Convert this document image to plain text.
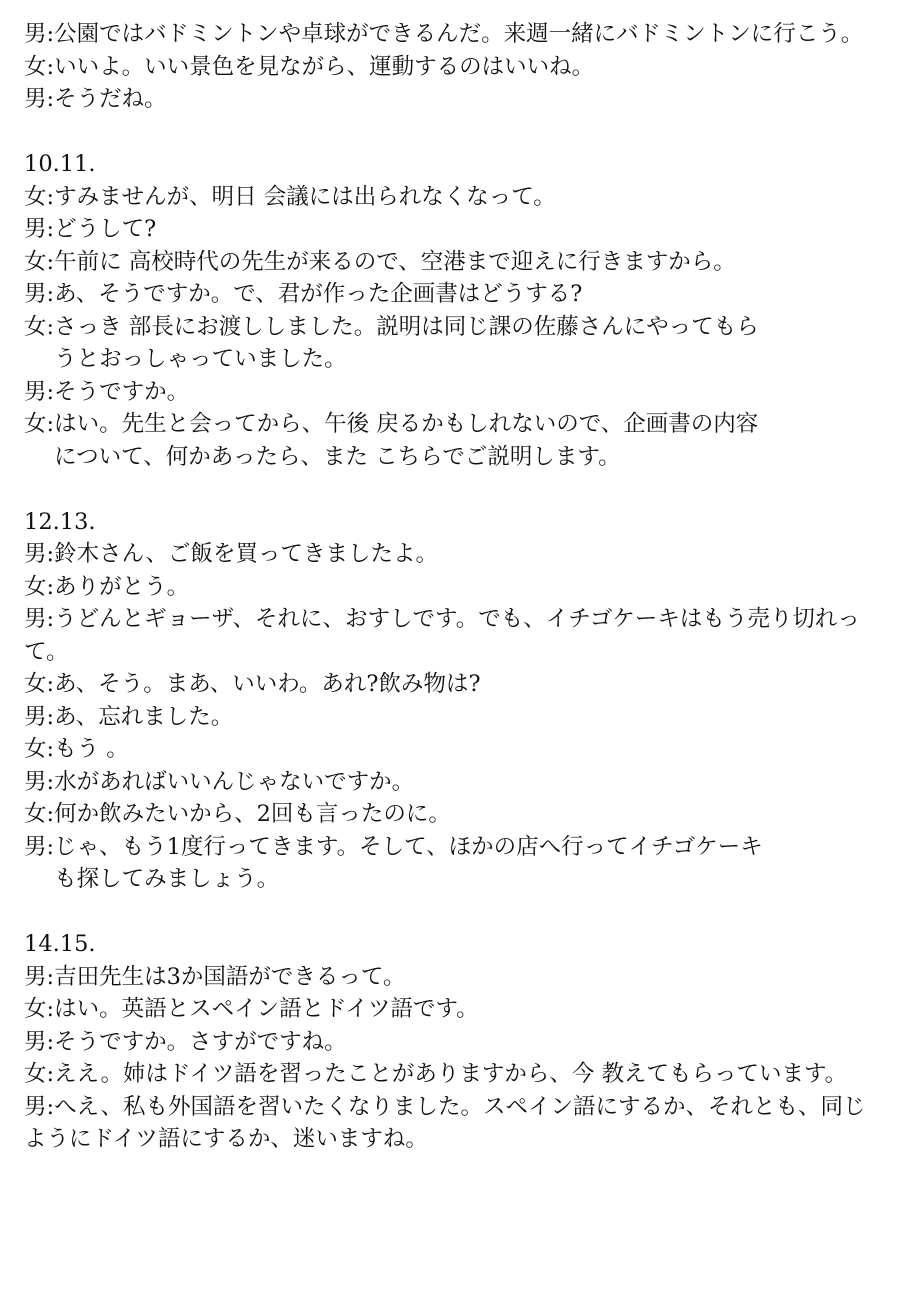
男:公園ではバドミントンや卓球ができるんだ。来週一緒にバドミントンに行こう。
女:いいよ。いい景色を見ながら、運動するのはいいね。
男:そうだね。
10.11.
女: すみませんが、明日 会議には出られなくなって。
男: どうして?
女: 午前に 高校時代の先生が来るので、空港まで迎えに行きますから。
男: あ、そうですか。で、君が作った企画書はどうする?
女: さっき 部長にお渡ししました。説明は同じ課の佐藤さんにやってもらうとおっしゃっていました。
男: そうですか。
女: はい。先生と会ってから、午後 戻るかもしれないので、企画書の内容について、何かあったら、また こちらでご説明します。
12.13.
男: 鈴木さん、ご飯を買ってきましたよ。
女: ありがとう。
男:うどんとギョーザ、それに、おすしです。でも、イチゴケーキはもう売り切れって。
女: あ、そう。まあ、いいわ。あれ?飲み物は?
男: あ、忘れました。
女: もう 。
男: 水があればいいんじゃないですか。
女: 何か飲みたいから、2回も言ったのに。
男: じゃ、もう1度行ってきます。そして、ほかの店へ行ってイチゴケーキも探してみましょう。
14.15.
男: 吉田先生は3か国語ができるって。
女: はい。英語とスペイン語とドイツ語です。
男: そうですか。さすがですね。
女:ええ。姉はドイツ語を習ったことがありますから、今 教えてもらっています。
男:へえ、私も外国語を習いたくなりました。スペイン語にするか、それとも、同じようにドイツ語にするか、迷いますね。
